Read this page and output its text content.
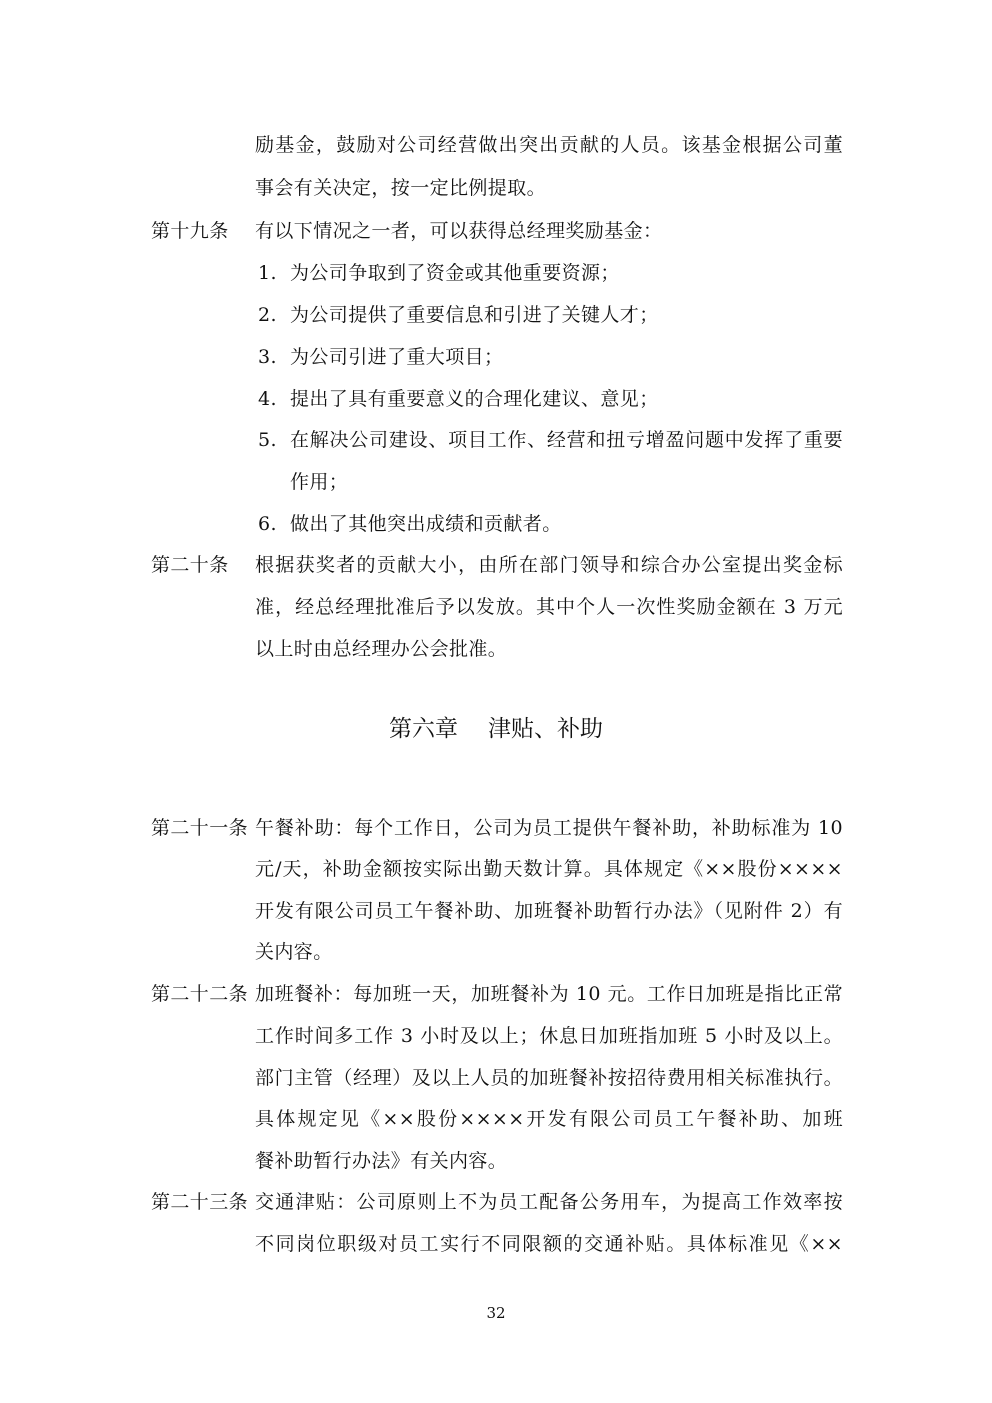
励基金，鼓励对公司经营做出突出贡献的人员。该基金根据公司董
事会有关决定，按一定比例提取。
第十九条 有以下情况之一者，可以获得总经理奖励基金：
1. 为公司争取到了资金或其他重要资源；
2. 为公司提供了重要信息和引进了关键人才；
3. 为公司引进了重大项目；
4. 提出了具有重要意义的合理化建议、意见；
5. 在解决公司建设、项目工作、经营和扭亏增盈问题中发挥了重要
作用；
6. 做出了其他突出成绩和贡献者。
第二十条 根据获奖者的贡献大小，由所在部门领导和综合办公室提出奖金标
准，经总经理批准后予以发放。其中个人一次性奖励金额在 3 万元
以上时由总经理办公会批准。
第六章 津贴、补助
第二十一条 午餐补助：每个工作日，公司为员工提供午餐补助，补助标准为 10
元/天，补助金额按实际出勤天数计算。具体规定《××股份××××
开发有限公司员工午餐补助、加班餐补助暂行办法》（见附件 2）有
关内容。
第二十二条 加班餐补：每加班一天，加班餐补为 10 元。工作日加班是指比正常
工作时间多工作 3 小时及以上；休息日加班指加班 5 小时及以上。
部门主管（经理）及以上人员的加班餐补按招待费用相关标准执行。
具体规定见《××股份××××开发有限公司员工午餐补助、加班
餐补助暂行办法》有关内容。
第二十三条 交通津贴：公司原则上不为员工配备公务用车，为提高工作效率按
不同岗位职级对员工实行不同限额的交通补贴。具体标准见《××
32
